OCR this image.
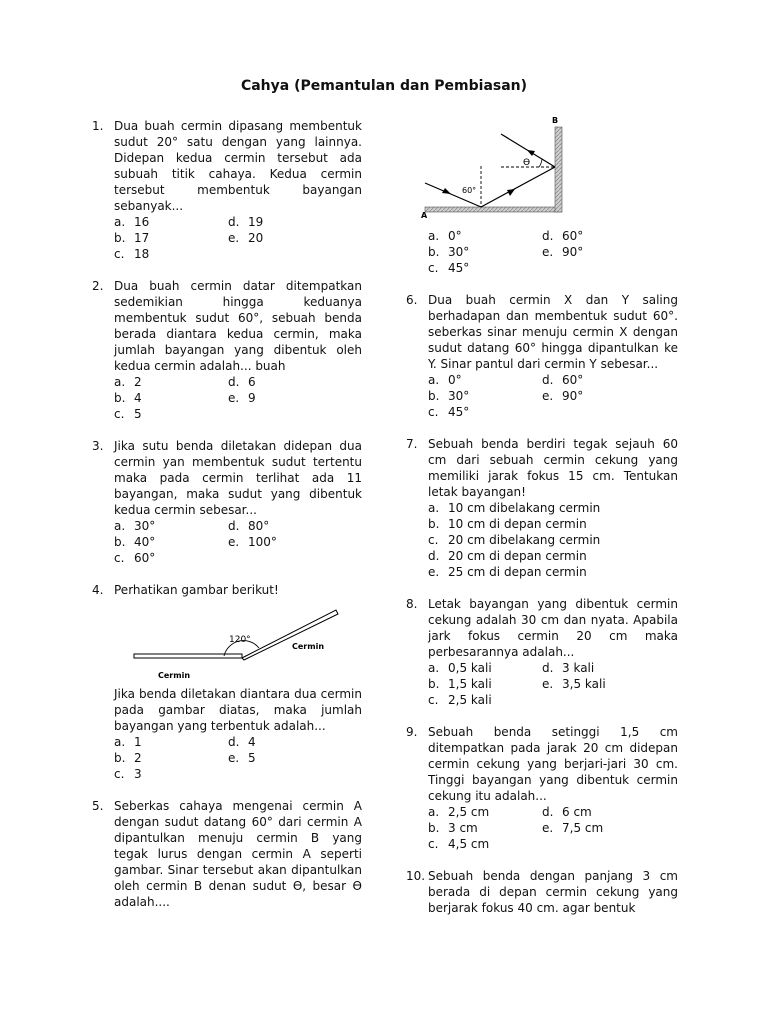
Cahya (Pemantulan dan Pembiasan)
1. Dua buah cermin dipasang membentuk sudut 20° satu dengan yang lainnya. Didepan kedua cermin tersebut ada subuah titik cahaya. Kedua cermin tersebut membentuk bayangan sebanyak...
a. 16	d. 19
b. 17	e. 20
c. 18
2. Dua buah cermin datar ditempatkan sedemikian hingga keduanya membentuk sudut 60°, sebuah benda berada diantara kedua cermin, maka jumlah bayangan yang dibentuk oleh kedua cermin adalah... buah
a. 2	d. 6
b. 4	e. 9
c. 5
3. Jika sutu benda diletakan didepan dua cermin yan membentuk sudut tertentu maka pada cermin terlihat ada 11 bayangan, maka sudut yang dibentuk kedua cermin sebesar...
a. 30°	d. 80°
b. 40°	e. 100°
c. 60°
4. Perhatikan gambar berikut!
120°
Cermin
Cermin
Jika benda diletakan diantara dua cermin pada gambar diatas, maka jumlah bayangan yang terbentuk adalah...
a. 1	d. 4
b. 2	e. 5
c. 3
5. Seberkas cahaya mengenai cermin A dengan sudut datang 60° dari cermin A dipantulkan menuju cermin B yang tegak lurus dengan cermin A seperti gambar. Sinar tersebut akan dipantulkan oleh cermin B denan sudut Ө, besar Ө adalah....
60°
Ө
A
B
a. 0°	d. 60°
b. 30°	e. 90°
c. 45°
6. Dua buah cermin X dan Y saling berhadapan dan membentuk sudut 60°. seberkas sinar menuju cermin X dengan sudut datang 60° hingga dipantulkan ke Y. Sinar pantul dari cermin Y sebesar...
a. 0°	d. 60°
b. 30°	e. 90°
c. 45°
7. Sebuah benda berdiri tegak sejauh 60 cm dari sebuah cermin cekung yang memiliki jarak fokus 15 cm. Tentukan letak bayangan!
a. 10 cm dibelakang cermin
b. 10 cm di depan cermin
c. 20 cm dibelakang cermin
d. 20 cm di depan cermin
e. 25 cm di depan cermin
8. Letak bayangan yang dibentuk cermin cekung adalah 30 cm dan nyata. Apabila jark fokus cermin 20 cm maka perbesarannya adalah...
a. 0,5 kali	d. 3 kali
b. 1,5 kali	e. 3,5 kali
c. 2,5 kali
9. Sebuah benda setinggi 1,5 cm ditempatkan pada jarak 20 cm didepan cermin cekung yang berjari-jari 30 cm. Tinggi bayangan yang dibentuk cermin cekung itu adalah...
a. 2,5 cm	d. 6 cm
b. 3 cm	e. 7,5 cm
c. 4,5 cm
10. Sebuah benda dengan panjang 3 cm berada di depan cermin cekung yang berjarak fokus 40 cm. agar bentuk
